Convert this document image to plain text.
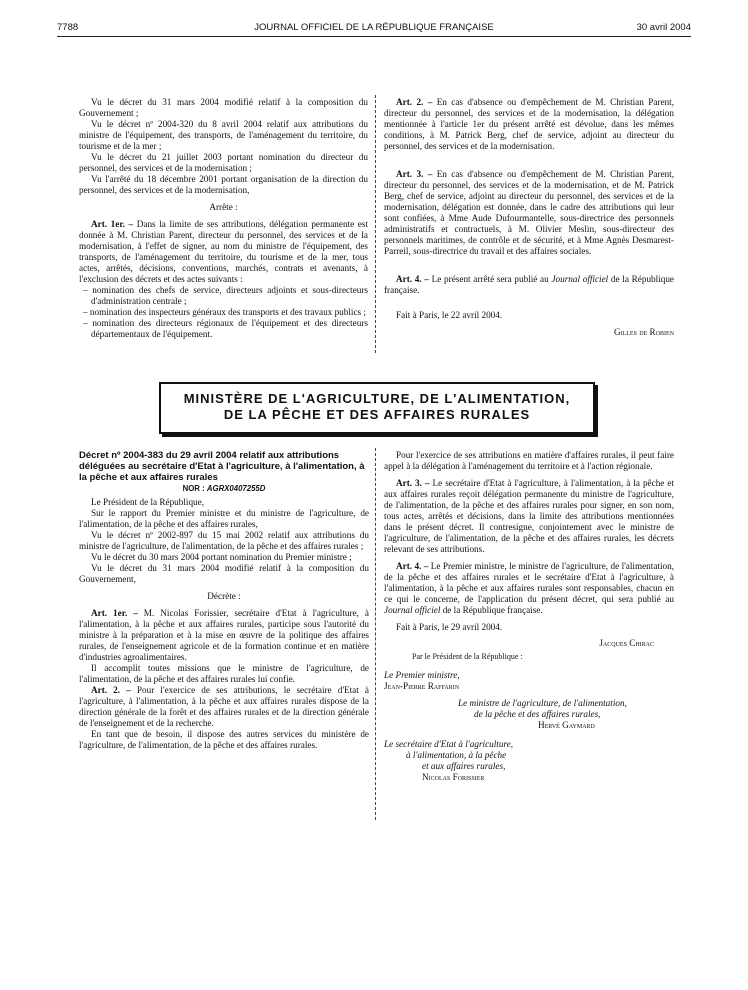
7788	JOURNAL OFFICIEL DE LA RÉPUBLIQUE FRANÇAISE	30 avril 2004

Vu le décret du 31 mars 2004 modifié relatif à la composition du Gouvernement ;

Vu le décret nº 2004-320 du 8 avril 2004 relatif aux attributions du ministre de l'équipement, des transports, de l'aménagement du territoire, du tourisme et de la mer ;

Vu le décret du 21 juillet 2003 portant nomination du directeur du personnel, des services et de la modernisation ;

Vu l'arrêté du 18 décembre 2001 portant organisation de la direction du personnel, des services et de la modernisation,

Arrête :

Art. 1er. – Dans la limite de ses attributions, délégation permanente est donnée à M. Christian Parent, directeur du personnel, des services et de la modernisation, à l'effet de signer, au nom du ministre de l'équipement, des transports, de l'aménagement du territoire, du tourisme et de la mer, tous actes, arrêtés, décisions, conventions, marchés, contrats et avenants, à l'exclusion des décrets et des actes suivants :

– nomination des chefs de service, directeurs adjoints et sous-directeurs d'administration centrale ;

– nomination des inspecteurs généraux des transports et des travaux publics ;

– nomination des directeurs régionaux de l'équipement et des directeurs départementaux de l'équipement.

Art. 2. – En cas d'absence ou d'empêchement de M. Christian Parent, directeur du personnel, des services et de la modernisation, la délégation mentionnée à l'article 1er du présent arrêté est dévolue, dans les mêmes conditions, à M. Patrick Berg, chef de service, adjoint au directeur du personnel, des services et de la modernisation.

Art. 3. – En cas d'absence ou d'empêchement de M. Christian Parent, directeur du personnel, des services et de la modernisation, et de M. Patrick Berg, chef de service, adjoint au directeur du personnel, des services et de la modernisation, délégation est donnée, dans le cadre des attributions qui leur sont confiées, à Mme Aude Dufourmantelle, sous-directrice des personnels administratifs et contractuels, à M. Olivier Meslin, sous-directeur des personnels maritimes, de contrôle et de sécurité, et à Mme Agnès Desmarest-Parreil, sous-directrice du travail et des affaires sociales.

Art. 4. – Le présent arrêté sera publié au Journal officiel de la République française.

Fait à Paris, le 22 avril 2004.

Gilles de Robien

MINISTÈRE DE L'AGRICULTURE, DE L'ALIMENTATION,
DE LA PÊCHE ET DES AFFAIRES RURALES
Décret nº 2004-383 du 29 avril 2004 relatif aux attributions déléguées au secrétaire d'Etat à l'agriculture, à l'alimentation, à la pêche et aux affaires rurales
NOR : AGRX0407255D

Le Président de la République,

Sur le rapport du Premier ministre et du ministre de l'agriculture, de l'alimentation, de la pêche et des affaires rurales,

Vu le décret nº 2002-897 du 15 mai 2002 relatif aux attributions du ministre de l'agriculture, de l'alimentation, de la pêche et des affaires rurales ;

Vu le décret du 30 mars 2004 portant nomination du Premier ministre ;

Vu le décret du 31 mars 2004 modifié relatif à la composition du Gouvernement,

Décrète :

Art. 1er. – M. Nicolas Forissier, secrétaire d'Etat à l'agriculture, à l'alimentation, à la pêche et aux affaires rurales, participe sous l'autorité du ministre à la préparation et à la mise en œuvre de la politique des affaires rurales, de l'enseignement agricole et de la formation continue et en matière d'industries agroalimentaires.

Il accomplit toutes missions que le ministre de l'agriculture, de l'alimentation, de la pêche et des affaires rurales lui confie.

Art. 2. – Pour l'exercice de ses attributions, le secrétaire d'Etat à l'agriculture, à l'alimentation, à la pêche et aux affaires rurales dispose de la direction générale de la forêt et des affaires rurales et de la direction générale de l'enseignement et de la recherche.

En tant que de besoin, il dispose des autres services du ministère de l'agriculture, de l'alimentation, de la pêche et des affaires rurales.

Pour l'exercice de ses attributions en matière d'affaires rurales, il peut faire appel à la délégation à l'aménagement du territoire et à l'action régionale.

Art. 3. – Le secrétaire d'Etat à l'agriculture, à l'alimentation, à la pêche et aux affaires rurales reçoit délégation permanente du ministre de l'agriculture, de l'alimentation, de la pêche et des affaires rurales pour signer, en son nom, tous actes, arrêtés et décisions, dans la limite des attributions mentionnées dans le présent décret. Il contresigne, conjointement avec le ministre de l'agriculture, de l'alimentation, de la pêche et des affaires rurales, les décrets relevant de ses attributions.

Art. 4. – Le Premier ministre, le ministre de l'agriculture, de l'alimentation, de la pêche et des affaires rurales et le secrétaire d'Etat à l'agriculture, à l'alimentation, à la pêche et aux affaires rurales sont responsables, chacun en ce qui le concerne, de l'application du présent décret, qui sera publié au Journal officiel de la République française.

Fait à Paris, le 29 avril 2004.

Jacques Chirac

Par le Président de la République :

Le Premier ministre,

Jean-Pierre Raffarin

Le ministre de l'agriculture, de l'alimentation,

de la pêche et des affaires rurales,

Hervé Gaymard

Le secrétaire d'Etat à l'agriculture,

à l'alimentation, à la pêche

et aux affaires rurales,

Nicolas Forissier
